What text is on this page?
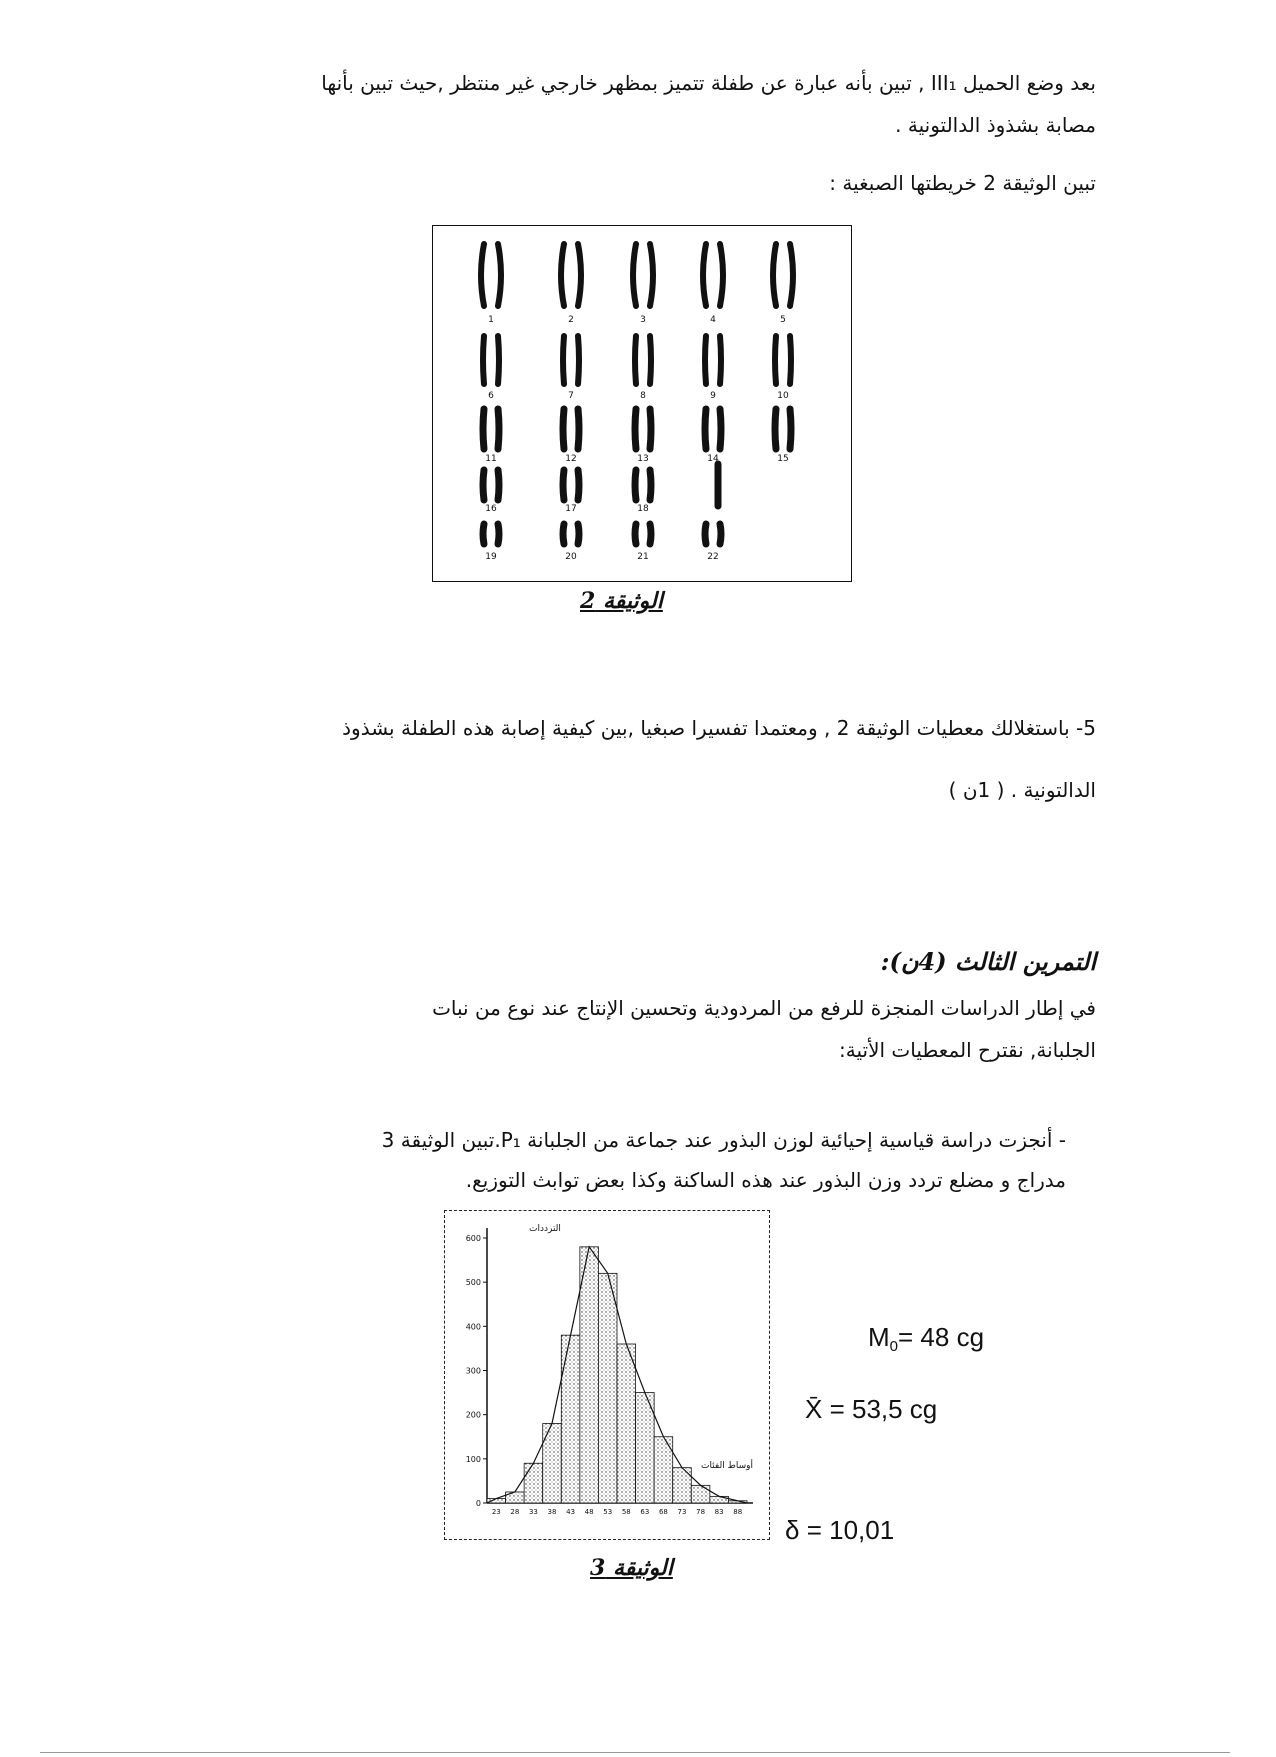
بعد وضع الحميل III₁ , تبين بأنه عبارة عن طفلة تتميز بمظهر خارجي غير منتظر ,حيث تبين بأنها
مصابة بشذوذ الدالتونية .
تبين الوثيقة 2 خريطتها الصبغية :
1	2	3	4	5
6	7	8	9	10
11	12	13	14	15
16	17	18
19	20	21	22
الوثيقة 2
5- باستغلالك معطيات الوثيقة 2 , ومعتمدا تفسيرا صبغيا ,بين كيفية إصابة هذه الطفلة بشذوذ
الدالتونية . ( 1ن )
التمرين الثالث (4ن):
في إطار الدراسات المنجزة للرفع من المردودية وتحسين الإنتاج عند نوع من نبات
الجلبانة, نقترح المعطيات الأتية:
- أنجزت دراسة قياسية إحيائية لوزن البذور عند جماعة من الجلبانة P₁.تبين الوثيقة 3
مدراج و مضلع تردد وزن البذور عند هذه الساكنة وكذا بعض توابث التوزيع.
0
100
200
300
400
500
600
23 28 33 38 43 48 53 58 63 68 73 78 83 88
الترددات
أوساط الفئات
الوثيقة 3
$M_0= 48$ cg
X̄ = 53,5 cg
δ = 10,01
